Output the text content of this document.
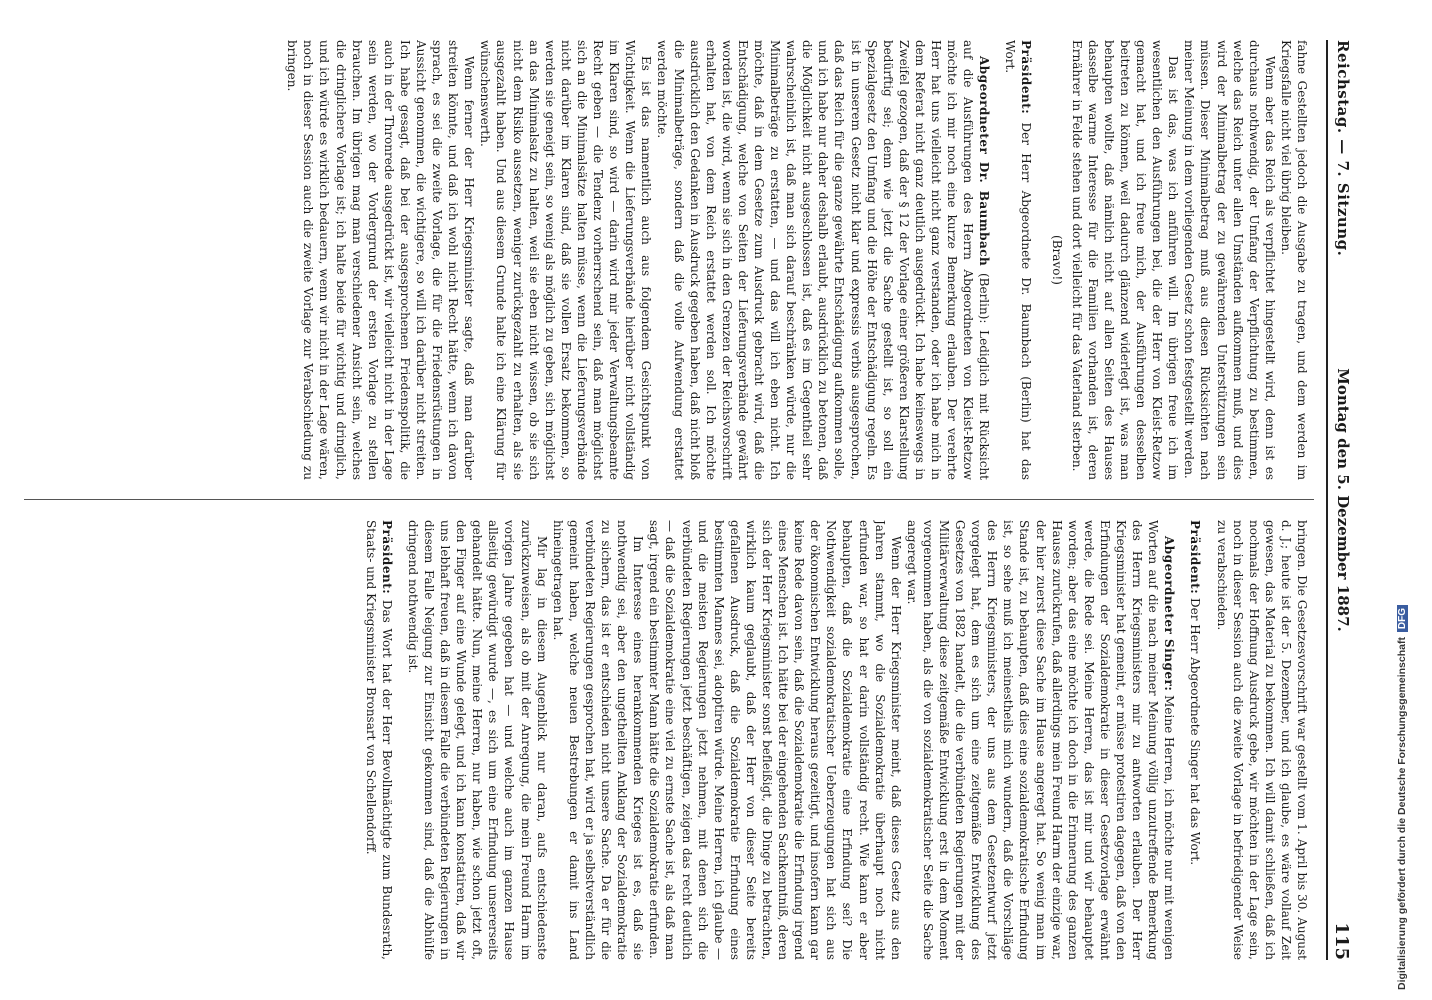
Reichstag. — 7. Sitzung.
Montag den 5. Dezember 1887.
115

fahne Gestellten jedoch die Ausgabe zu tragen, und dem werden im Kriegsfalle nicht viel übrig bleiben.

Wenn aber das Reich als verpflichtet hingestellt wird, denn ist es durchaus nothwendig, der Umfang der Verpflichtung zu bestimmen, welche das Reich unter allen Umständen aufkommen muß, und dies wird der Minimalbetrag der zu gewährenden Unterstützungen sein müssen. Dieser Minimalbetrag muß aus diesen Rücksichten nach meiner Meinung in dem vorliegenden Gesetz schon festgestellt werden.

Das ist das, was ich anführen will. Im übrigen freue ich im wesentlichen den Ausführungen bei, die der Herr von Kleist-Retzow gemacht hat, und ich freue mich, der Ausführungen desselben beitreten zu können, weil dadurch glänzend widerlegt ist, was man behaupten wollte, daß nämlich nicht auf allen Seiten des Hauses dasselbe warme Interesse für die Familien vorhanden ist, deren Ernährer in Felde stehen und dort vielleicht für das Vaterland sterben.

(Bravo!)

Präsident: Der Herr Abgeordnete Dr. Baumbach (Berlin) hat das Wort.

Abgeordneter Dr. Baumbach (Berlin): Lediglich mit Rücksicht auf die Ausführungen des Herrn Abgeordneten von Kleist-Retzow möchte ich mir noch eine kurze Bemerkung erlauben. Der verehrte Herr hat uns vielleicht nicht ganz verstanden, oder ich habe mich in dem Referat nicht ganz deutlich ausgedrückt. Ich habe keineswegs in Zweifel gezogen, daß der § 12 der Vorlage einer größeren Klarstellung bedürftig sei; denn wie jetzt die Sache gestellt ist, so soll ein Spezialgesetz den Umfang und die Höhe der Entschädigung regeln. Es ist in unserem Gesetz nicht klar und expressis verbis ausgesprochen, daß das Reich für die ganze gewährte Entschädigung aufkommen solle, und ich habe nur daher deshalb erlaubt, ausdrücklich zu betonen, daß die Möglichkeit nicht ausgeschlossen ist, daß es im Gegentheil sehr wahrscheinlich ist, daß man sich darauf beschränken würde, nur die Minimalbeträge zu erstatten, — und das will ich eben nicht. Ich möchte, daß in dem Gesetze zum Ausdruck gebracht wird, daß die Entschädigung, welche von Seiten der Lieferungsverbände gewährt worden ist, die wird, wenn sie sich in den Grenzen der Reichsvorschrift erhalten hat, von dem Reich erstattet werden soll. Ich möchte ausdrücklich den Gedanken in Ausdruck gegeben haben, daß nicht bloß die Minimalbeträge, sondern daß die volle Aufwendung erstattet werden möchte.

Es ist das namentlich auch aus folgendem Gesichtspunkt von Wichtigkeit. Wenn die Lieferungsverbände hierüber nicht vollständig im Klaren sind, so wird — darin wird mir jeder Verwaltungsbeamte Recht geben — die Tendenz vorherrschend sein, daß man möglichst sich an die Minimalsätze halten müsse, wenn die Lieferungsverbände nicht darüber im Klaren sind, daß sie vollen Ersatz bekommen, so werden sie geneigt sein, so wenig als möglich zu geben, sich möglichst an das Minimalsatz zu halten, weil sie eben nicht wissen, ob sie sich nicht dem Risiko aussetzen, weniger zurückgezahlt zu erhalten, als sie ausgezahlt haben. Und aus diesem Grunde halte ich eine Klärung für wünschenswerth.

Wenn ferner der Herr Kriegsminister sagte, daß man darüber streiten könnte, und daß ich wohl nicht Recht hätte, wenn ich davon sprach, es sei die zweite Vorlage, die für die Friedensrüstungen in Aussicht genommen, die wichtigere, so will ich darüber nicht streiten. Ich habe gesagt, daß bei der ausgesprochenen Friedenspolitik, die auch in der Thronrede ausgedrückt ist, wir vielleicht nicht in der Lage sein werden, wo der Vordergrund der ersten Vorlage zu stellen brauchen. Im übrigen mag man verschiedener Ansicht sein, welches die dringlichere Vorlage ist; ich halte beide für wichtig und dringlich, und ich würde es wirklich bedauern, wenn wir nicht in der Lage wären, noch in dieser Session auch die zweite Vorlage zur Verabschiedung zu bringen.

bringen. Die Gesetzesvorschrift war gestellt vom 1. April bis 30. August d. J.; heute ist der 5. Dezember, und ich glaube, es wäre vollauf Zeit gewesen, das Material zu bekommen. Ich will damit schließen, daß ich nochmals der Hoffnung Ausdruck gebe, wir möchten in der Lage sein, noch in dieser Session auch die zweite Vorlage in befriedigender Weise zu verabschieden.

Präsident: Der Herr Abgeordnete Singer hat das Wort.

Abgeordneter Singer: Meine Herren, ich möchte nur mit wenigen Worten auf die nach meiner Meinung völlig unzutreffende Bemerkung des Herrn Kriegsministers mir zu antworten erlauben. Der Herr Kriegsminister hat gemeint, er müsse protestiren dagegen, daß von den Erfindungen der Sozialdemokratie in dieser Gesetzvorlage erwähnt werde, die Rede sei. Meine Herren, das ist mir und wir behauptet worden; aber das eine möchte ich doch in die Erinnerung des ganzen Hauses zurückrufen, daß allerdings mein Freund Harm der einzige war, der hier zuerst diese Sache im Hause angeregt hat. So wenig man im Stande ist, zu behaupten, daß dies eine sozialdemokratische Erfindung ist, so sehe muß ich meinestheils mich wundern, daß die Vorschläge des Herrn Kriegsministers, der uns aus dem Gesetzentwurf jetzt vorgelegt hat, dem es sich um eine zeitgemäße Entwicklung des Gesetzes von 1882 handelt, die die verbündeten Regierungen mit der Militärverwaltung diese zeitgemäße Entwicklung erst in dem Moment vorgenommen haben, als die von sozialdemokratischer Seite die Sache angeregt war.

Wenn der Herr Kriegsminister meint, daß dieses Gesetz aus den Jahren stammt, wo die Sozialdemokratie überhaupt noch nicht erfunden war, so hat er darin vollständig recht. Wie kann er aber behaupten, daß die Sozialdemokratie eine Erfindung sei? Die Nothwendigkeit sozialdemokratischer Ueberzeugungen hat sich aus der ökonomischen Entwicklung heraus gezeitigt, und insofern kann gar keine Rede davon sein, daß die Sozialdemokratie die Erfindung irgend eines Menschen ist. Ich hätte bei der eingehenden Sachkenntniß, deren sich der Herr Kriegsminister sonst befleißigt, die Dinge zu betrachten, wirklich kaum geglaubt, daß der Herr von dieser Seite bereits gefallenen Ausdruck, daß die Sozialdemokratie Erfindung eines bestimmten Mannes sei, adoptiren würde. Meine Herren, ich glaube — und die meisten Regierungen jetzt nehmen, mit denen sich die verbündeten Regierungen jetzt beschäftigen, zeigen das recht deutlich — daß die Sozialdemokratie eine viel zu ernste Sache ist, als daß man sagt, irgend ein bestimmter Mann hätte die Sozialdemokratie erfunden.

Im Interesse eines herankommenden Krieges ist es, daß sie nothwendig sei, aber den ungetheilten Anklang der Sozialdemokratie zu sichern, das ist er entschieden nicht unsere Sache. Da er für die verbündeten Regierungen gesprochen hat, wird er ja selbstverständlich gemeint haben, welche neuen Bestrebungen er damit ins Land hineingetragen hat.

Mir lag in diesem Augenblick nur daran, aufs entschiedenste zurückzuweisen, als ob mit der Anregung, die mein Freund Harm im vorigen Jahre gegeben hat — und welche auch im ganzen Hause allseitig gewürdigt wurde —, es sich um eine Erfindung unsererseits gehandelt hätte. Nun, meine Herren, nur haben, wie schon jetzt oft, den Finger auf eine Wunde gelegt, und ich kann konstatiren, daß wir uns lebhaft freuen, daß in diesem Falle die verbündeten Regierungen in diesem Falle Neigung zur Einsicht gekommen sind, daß die Abhülfe dringend nothwendig ist.

Präsident: Das Wort hat der Herr Bevollmächtigte zum Bundesrath, Staats- und Kriegsminister Bronsart von Schellendorff.	Digitalisierung gefördert durch die Deutsche Forschungsgemeinschaft DFG
